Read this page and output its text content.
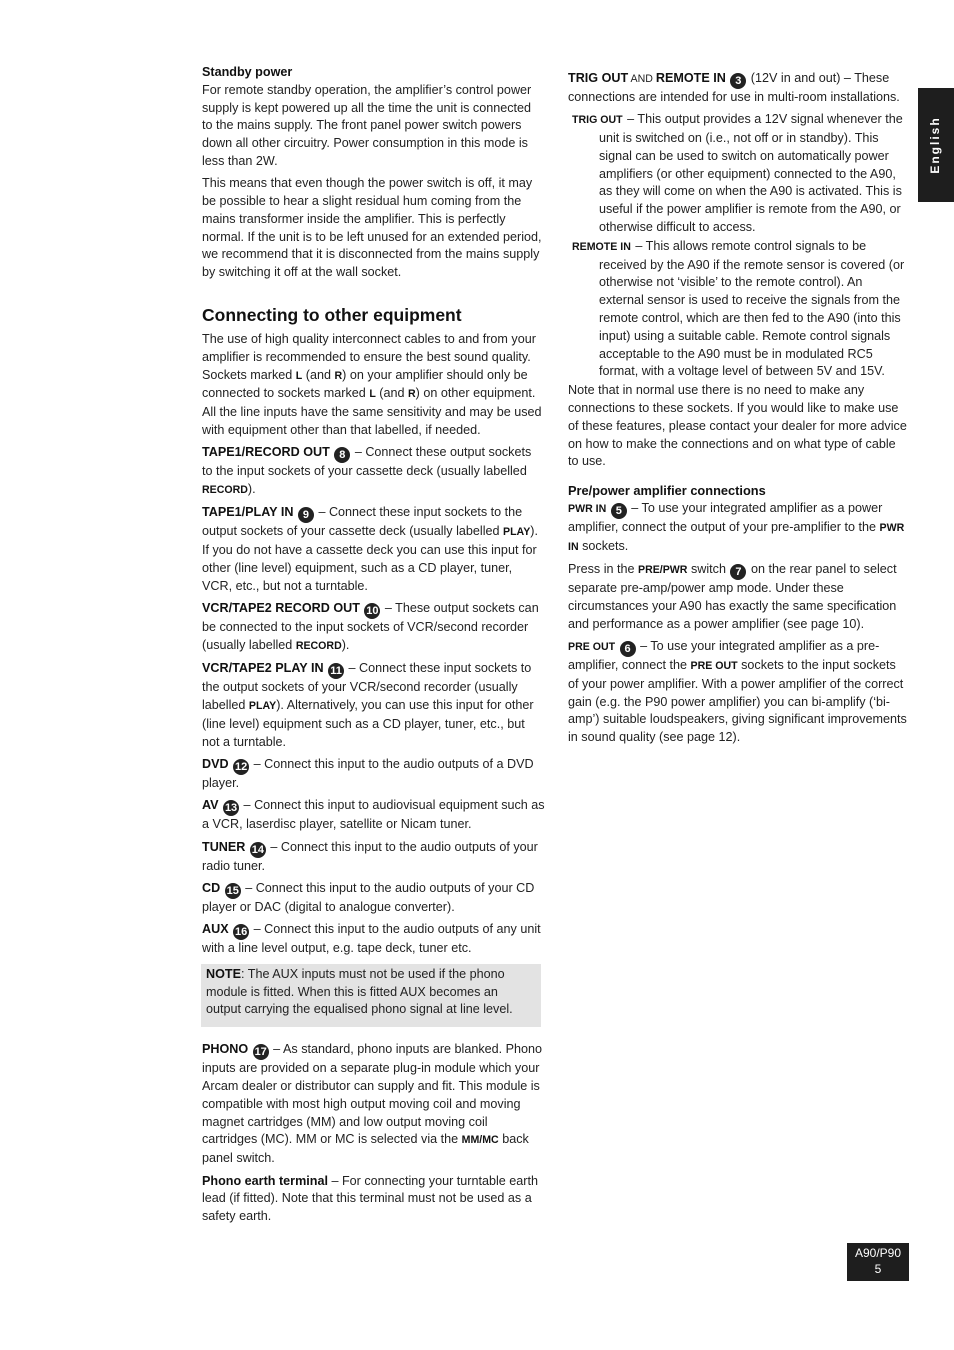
English

Standby power

For remote standby operation, the amplifier’s control power supply is kept powered up all the time the unit is connected to the mains supply. The front panel power switch powers down all other circuitry. Power consumption in this mode is less than 2W.

This means that even though the power switch is off, it may be possible to hear a slight residual hum coming from the mains transformer inside the amplifier. This is perfectly normal. If the unit is to be left unused for an extended period, we recommend that it is disconnected from the mains supply by switching it off at the wall socket.

Connecting to other equipment

The use of high quality interconnect cables to and from your amplifier is recommended to ensure the best sound quality. Sockets marked L (and R) on your amplifier should only be connected to sockets marked L (and R) on other equipment. All the line inputs have the same sensitivity and may be used with equipment other than that labelled, if needed.

TAPE1/RECORD OUT 8 – Connect these output sockets to the input sockets of your cassette deck (usually labelled RECORD).

TAPE1/PLAY IN 9 – Connect these input sockets to the output sockets of your cassette deck (usually labelled PLAY). If you do not have a cassette deck you can use this input for other (line level) equipment, such as a CD player, tuner, VCR, etc., but not a turntable.

VCR/TAPE2 RECORD OUT 10 – These output sockets can be connected to the input sockets of VCR/second recorder (usually labelled RECORD).

VCR/TAPE2 PLAY IN 11 – Connect these input sockets to the output sockets of your VCR/second recorder (usually labelled PLAY). Alternatively, you can use this input for other (line level) equipment such as a CD player, tuner, etc., but not a turntable.

DVD 12 – Connect this input to the audio outputs of a DVD player.

AV 13 – Connect this input to audiovisual equipment such as a VCR, laserdisc player, satellite or Nicam tuner.

TUNER 14 – Connect this input to the audio outputs of your radio tuner.

CD 15 – Connect this input to the audio outputs of your CD player or DAC (digital to analogue converter).

AUX 16 – Connect this input to the audio outputs of any unit with a line level output, e.g. tape deck, tuner etc.

NOTE: The AUX inputs must not be used if the phono module is fitted. When this is fitted AUX becomes an output carrying the equalised phono signal at line level.

PHONO 17 – As standard, phono inputs are blanked. Phono inputs are provided on a separate plug-in module which your Arcam dealer or distributor can supply and fit. This module is compatible with most high output moving coil and moving magnet cartridges (MM) and low output moving coil cartridges (MC). MM or MC is selected via the MM/MC back panel switch.

Phono earth terminal – For connecting your turntable earth lead (if fitted). Note that this terminal must not be used as a safety earth.

TRIG OUT AND REMOTE IN 3 (12V in and out) – These connections are intended for use in multi-room installations.

TRIG OUT – This output provides a 12V signal whenever the unit is switched on (i.e., not off or in standby). This signal can be used to switch on automatically power amplifiers (or other equipment) connected to the A90, as they will come on when the A90 is activated. This is useful if the power amplifier is remote from the A90, or otherwise difficult to access.

REMOTE IN – This allows remote control signals to be received by the A90 if the remote sensor is covered (or otherwise not ‘visible’ to the remote control). An external sensor is used to receive the signals from the remote control, which are then fed to the A90 (into this input) using a suitable cable. Remote control signals acceptable to the A90 must be in modulated RC5 format, with a voltage level of between 5V and 15V.

Note that in normal use there is no need to make any connections to these sockets. If you would like to make use of these features, please contact your dealer for more advice on how to make the connections and on what type of cable to use.

Pre/power amplifier connections

PWR IN 5 – To use your integrated amplifier as a power amplifier, connect the output of your pre-amplifier to the PWR IN sockets.

Press in the PRE/PWR switch 7 on the rear panel to select separate pre-amp/power amp mode. Under these circumstances your A90 has exactly the same specification and performance as a power amplifier (see page 10).

PRE OUT 6 – To use your integrated amplifier as a pre-amplifier, connect the PRE OUT sockets to the input sockets of your power amplifier. With a power amplifier of the correct gain (e.g. the P90 power amplifier) you can bi-amplify (‘bi-amp’) suitable loudspeakers, giving significant improvements in sound quality (see page 12).

A90/P90
5
